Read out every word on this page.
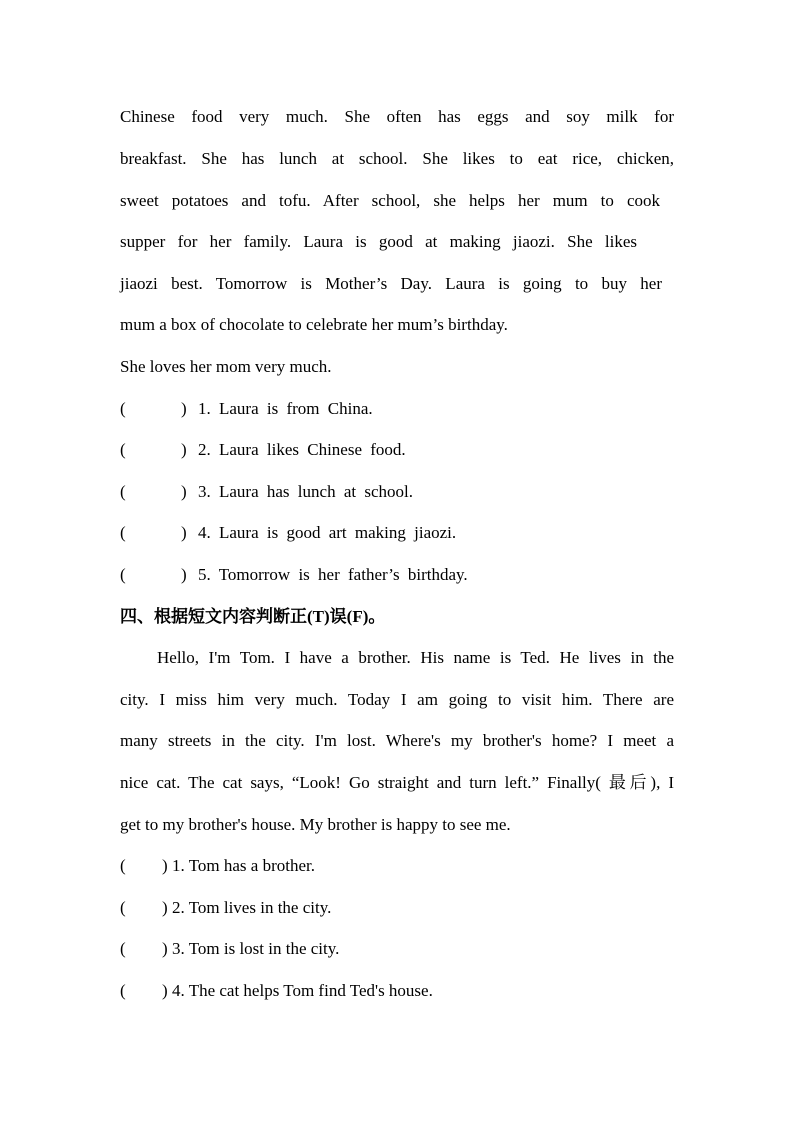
Chinese food very much. She often has eggs and soy milk for
breakfast. She has lunch at school. She likes to eat rice, chicken,
sweet potatoes and tofu. After school, she helps her mum to cook
supper for her family. Laura is good at making jiaozi. She likes
jiaozi best. Tomorrow is Mother’s Day. Laura is going to buy her
mum a box of chocolate to celebrate her mum’s birthday.
She loves her mom very much.
(	) 1. Laura is from China.
(	) 2. Laura likes Chinese food.
(	) 3. Laura has lunch at school.
(	) 4. Laura is good art making jiaozi.
(	) 5. Tomorrow is her father’s birthday.
四、根据短文内容判断正(T)误(F)。
Hello, I'm Tom. I have a brother. His name is Ted. He lives in the
city. I miss him very much. Today I am going to visit him. There are
many streets in the city. I'm lost. Where's my brother's home? I meet a
nice cat. The cat says, “Look! Go straight and turn left.” Finally( 最后), I
get to my brother's house. My brother is happy to see me.
( ) 1. Tom has a brother.
( ) 2. Tom lives in the city.
( ) 3. Tom is lost in the city.
( ) 4. The cat helps Tom find Ted's house.
